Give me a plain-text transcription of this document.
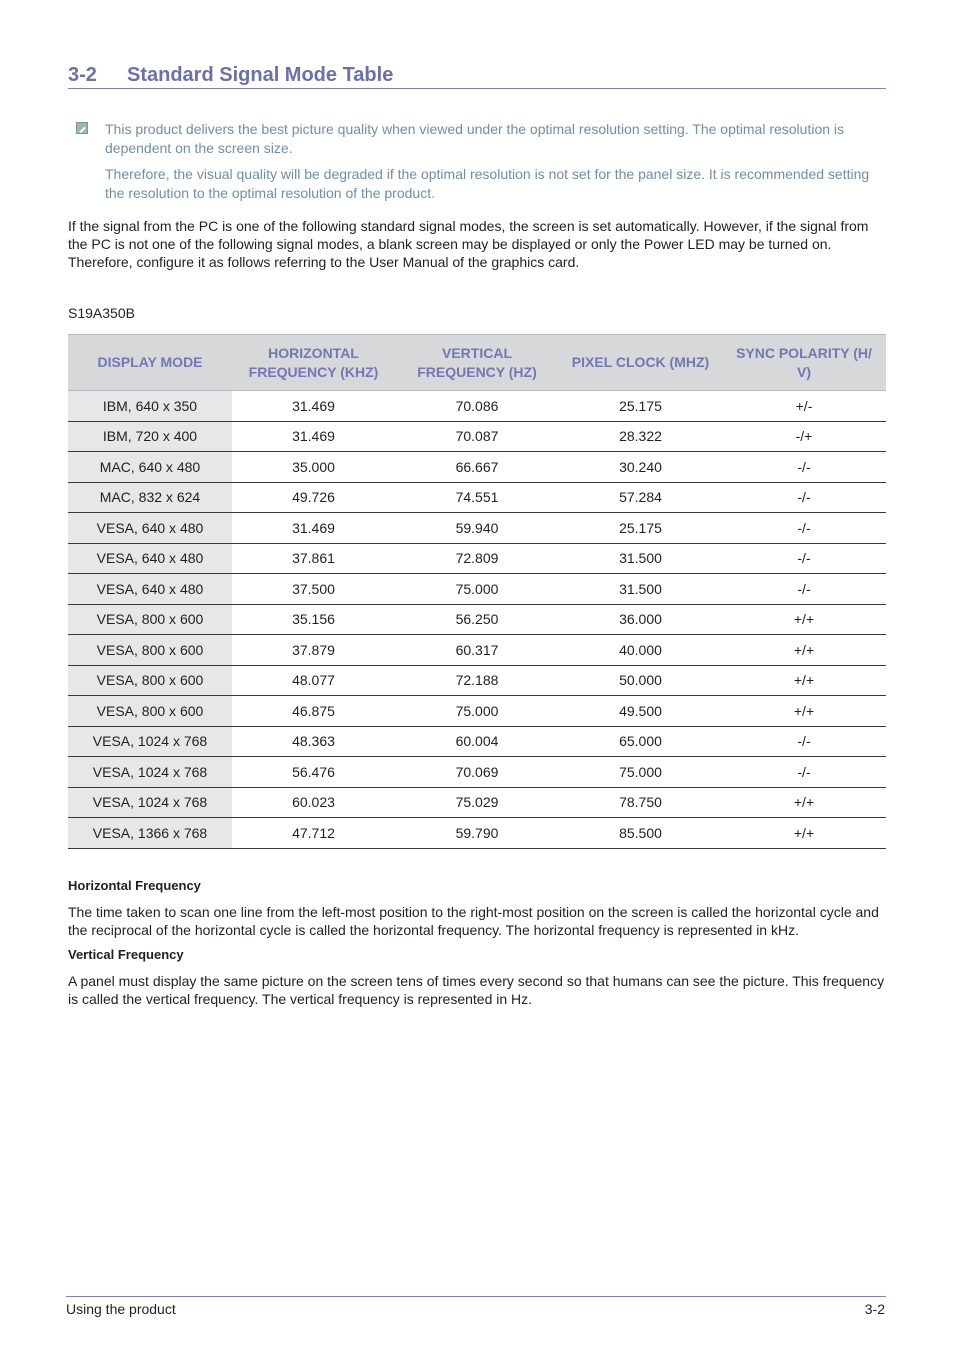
3-2 Standard Signal Mode Table

This product delivers the best picture quality when viewed under the optimal resolution setting. The optimal resolution is dependent on the screen size.

Therefore, the visual quality will be degraded if the optimal resolution is not set for the panel size. It is recommended setting the resolution to the optimal resolution of the product.

If the signal from the PC is one of the following standard signal modes, the screen is set automatically. However, if the signal from the PC is not one of the following signal modes, a blank screen may be displayed or only the Power LED may be turned on. Therefore, configure it as follows referring to the User Manual of the graphics card.

S19A350B
DISPLAY MODE	HORIZONTAL FREQUENCY (KHZ)	VERTICAL FREQUENCY (HZ)	PIXEL CLOCK (MHZ)	SYNC POLARITY (H/ V)
IBM, 640 x 350	31.469	70.086	25.175	+/-
IBM, 720 x 400	31.469	70.087	28.322	-/+
MAC, 640 x 480	35.000	66.667	30.240	-/-
MAC, 832 x 624	49.726	74.551	57.284	-/-
VESA, 640 x 480	31.469	59.940	25.175	-/-
VESA, 640 x 480	37.861	72.809	31.500	-/-
VESA, 640 x 480	37.500	75.000	31.500	-/-
VESA, 800 x 600	35.156	56.250	36.000	+/+
VESA, 800 x 600	37.879	60.317	40.000	+/+
VESA, 800 x 600	48.077	72.188	50.000	+/+
VESA, 800 x 600	46.875	75.000	49.500	+/+
VESA, 1024 x 768	48.363	60.004	65.000	-/-
VESA, 1024 x 768	56.476	70.069	75.000	-/-
VESA, 1024 x 768	60.023	75.029	78.750	+/+
VESA, 1366 x 768	47.712	59.790	85.500	+/+

Horizontal Frequency

The time taken to scan one line from the left-most position to the right-most position on the screen is called the horizontal cycle and the reciprocal of the horizontal cycle is called the horizontal frequency. The horizontal frequency is represented in kHz.

Vertical Frequency

A panel must display the same picture on the screen tens of times every second so that humans can see the picture. This frequency is called the vertical frequency. The vertical frequency is represented in Hz.

Using the product	3-2
